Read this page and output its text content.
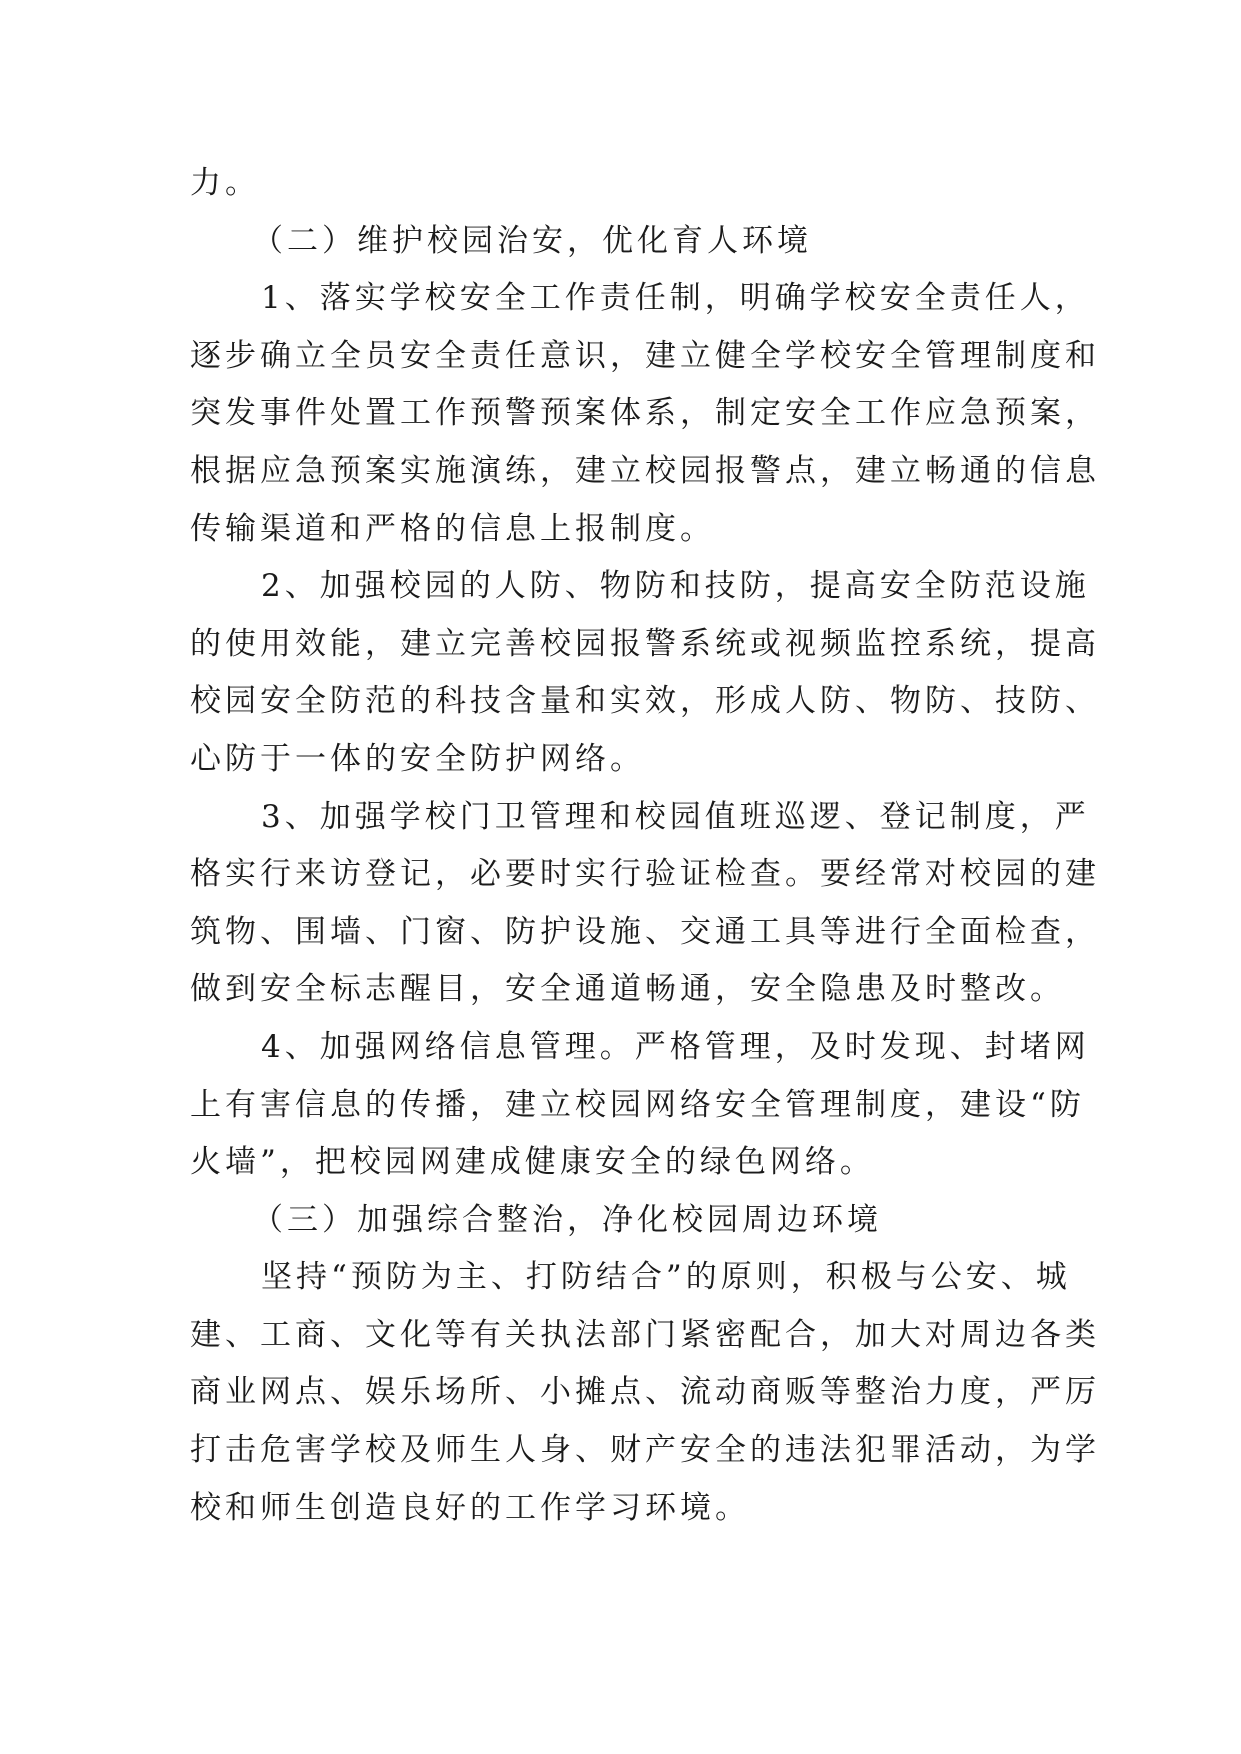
力。
（二）维护校园治安，优化育人环境
1、落实学校安全工作责任制，明确学校安全责任人，
逐步确立全员安全责任意识，建立健全学校安全管理制度和
突发事件处置工作预警预案体系，制定安全工作应急预案，
根据应急预案实施演练，建立校园报警点，建立畅通的信息
传输渠道和严格的信息上报制度。
2、加强校园的人防、物防和技防，提高安全防范设施
的使用效能，建立完善校园报警系统或视频监控系统，提高
校园安全防范的科技含量和实效，形成人防、物防、技防、
心防于一体的安全防护网络。
3、加强学校门卫管理和校园值班巡逻、登记制度，严
格实行来访登记，必要时实行验证检查。要经常对校园的建
筑物、围墙、门窗、防护设施、交通工具等进行全面检查，
做到安全标志醒目，安全通道畅通，安全隐患及时整改。
4、加强网络信息管理。严格管理，及时发现、封堵网
上有害信息的传播，建立校园网络安全管理制度，建设“防
火墙”，把校园网建成健康安全的绿色网络。
（三）加强综合整治，净化校园周边环境
坚持“预防为主、打防结合”的原则，积极与公安、城
建、工商、文化等有关执法部门紧密配合，加大对周边各类
商业网点、娱乐场所、小摊点、流动商贩等整治力度，严厉
打击危害学校及师生人身、财产安全的违法犯罪活动，为学
校和师生创造良好的工作学习环境。
